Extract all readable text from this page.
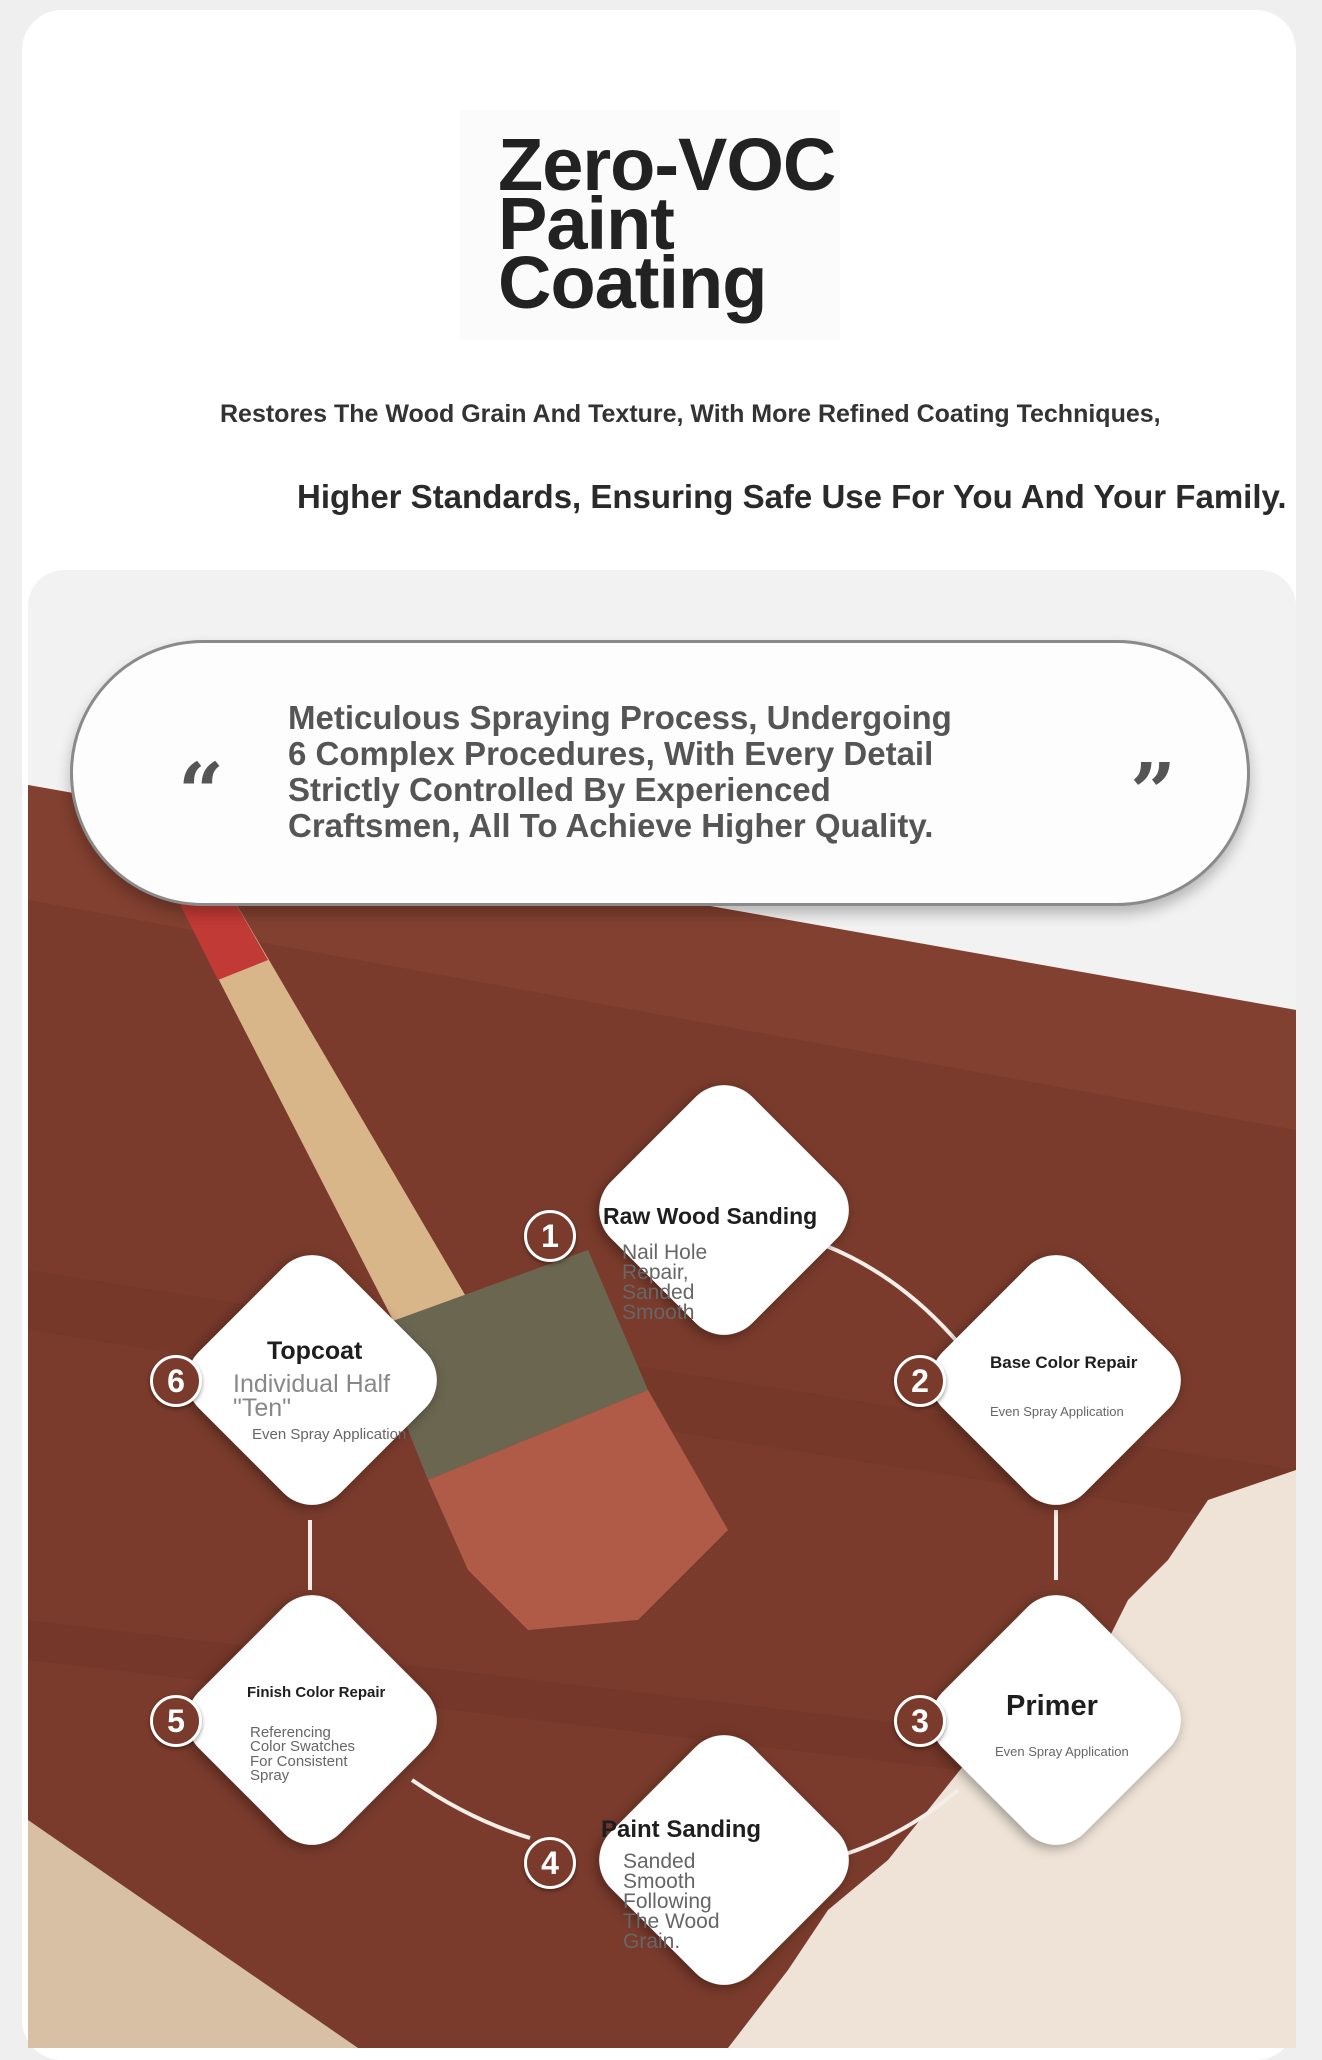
Zero-VOC
Paint
Coating
Restores The Wood Grain And Texture, With More Refined Coating Techniques,
Higher Standards, Ensuring Safe Use For You And Your Family.
“	”
Meticulous Spraying Process, Undergoing
6 Complex Procedures, With Every Detail
Strictly Controlled By Experienced
Craftsmen, All To Achieve Higher Quality.
1
Raw Wood Sanding
Nail Hole
Repair,
Sanded
Smooth
2
Base Color Repair
Even Spray Application
3	Primer
Even Spray Application
4
Paint Sanding
Sanded
Smooth
Following
The Wood
Grain.
5
Finish Color Repair
Referencing
Color Swatches
For Consistent
Spray
6
Topcoat
Individual Half
"Ten"
Even Spray Application
